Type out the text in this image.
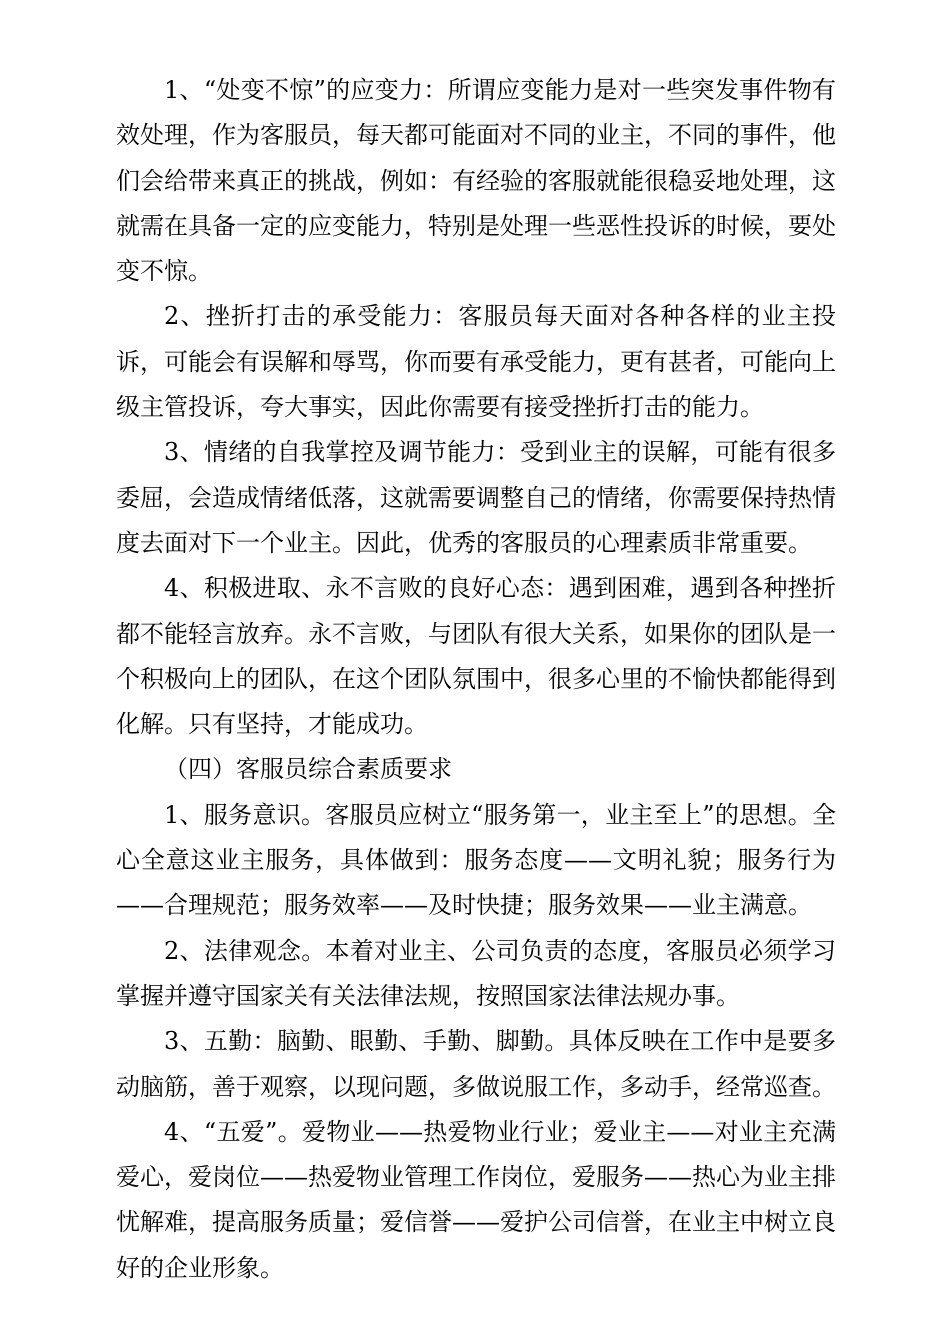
1、“处变不惊”的应变力：所谓应变能力是对一些突发事件物有效处理，作为客服员，每天都可能面对不同的业主，不同的事件，他们会给带来真正的挑战，例如：有经验的客服就能很稳妥地处理，这就需在具备一定的应变能力，特别是处理一些恶性投诉的时候，要处变不惊。

2、挫折打击的承受能力：客服员每天面对各种各样的业主投诉，可能会有误解和辱骂，你而要有承受能力，更有甚者，可能向上级主管投诉，夸大事实，因此你需要有接受挫折打击的能力。

3、情绪的自我掌控及调节能力：受到业主的误解，可能有很多委屈，会造成情绪低落，这就需要调整自己的情绪，你需要保持热情度去面对下一个业主。因此，优秀的客服员的心理素质非常重要。

4、积极进取、永不言败的良好心态：遇到困难，遇到各种挫折都不能轻言放弃。永不言败，与团队有很大关系，如果你的团队是一个积极向上的团队，在这个团队氛围中，很多心里的不愉快都能得到化解。只有坚持，才能成功。

（四）客服员综合素质要求

1、服务意识。客服员应树立“服务第一，业主至上”的思想。全心全意这业主服务，具体做到：服务态度——文明礼貌；服务行为——合理规范；服务效率——及时快捷；服务效果——业主满意。

2、法律观念。本着对业主、公司负责的态度，客服员必须学习掌握并遵守国家关有关法律法规，按照国家法律法规办事。

3、五勤：脑勤、眼勤、手勤、脚勤。具体反映在工作中是要多动脑筋，善于观察，以现问题，多做说服工作，多动手，经常巡查。

4、“五爱”。爱物业——热爱物业行业；爱业主——对业主充满爱心，爱岗位——热爱物业管理工作岗位，爱服务——热心为业主排忧解难，提高服务质量；爱信誉——爱护公司信誉，在业主中树立良好的企业形象。
